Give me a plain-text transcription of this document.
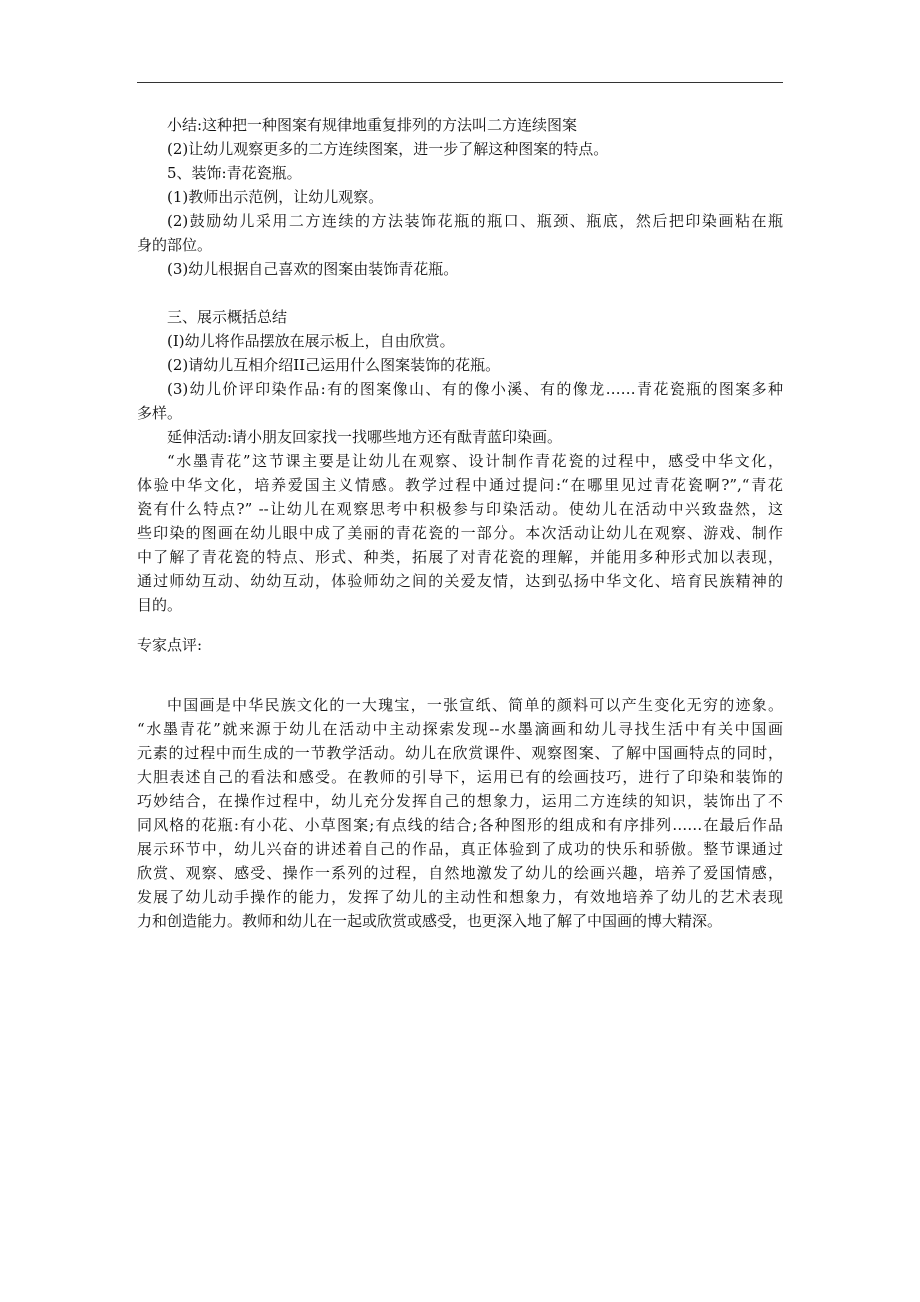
小结:这种把一种图案有规律地重复排列的方法叫二方连续图案
(2)让幼儿观察更多的二方连续图案，进一步了解这种图案的特点。
5、装饰:青花瓷瓶。
(1)教师出示范例，让幼儿观察。
(2)鼓励幼儿采用二方连续的方法装饰花瓶的瓶口、瓶颈、瓶底，然后把印染画粘在瓶
身的部位。
(3)幼儿根据自己喜欢的图案由装饰青花瓶。
三、展示概括总结
(I)幼儿将作品摆放在展示板上，自由欣赏。
(2)请幼儿互相介绍II己运用什么图案装饰的花瓶。
(3)幼儿价评印染作品:有的图案像山、有的像小溪、有的像龙……青花瓷瓶的图案多种
多样。
延伸活动:请小朋友回家找一找哪些地方还有酞青蓝印染画。
“水墨青花”这节课主要是让幼儿在观察、设计制作青花瓷的过程中，感受中华文化，
体验中华文化，培养爱国主义情感。教学过程中通过提问:“在哪里见过青花瓷啊?”,“青花
瓷有什么特点?” --让幼儿在观察思考中积极参与印染活动。使幼儿在活动中兴致盎然，这
些印染的图画在幼儿眼中成了美丽的青花瓷的一部分。本次活动让幼儿在观察、游戏、制作
中了解了青花瓷的特点、形式、种类，拓展了对青花瓷的理解，并能用多种形式加以表现，
通过师幼互动、幼幼互动，体验师幼之间的关爱友情，达到弘扬中华文化、培育民族精神的
目的。
专家点评:
中国画是中华民族文化的一大瑰宝，一张宣纸、简单的颜料可以产生变化无穷的迹象。
“水墨青花”就来源于幼儿在活动中主动探索发现--水墨滴画和幼儿寻找生活中有关中国画
元素的过程中而生成的一节教学活动。幼儿在欣赏课件、观察图案、了解中国画特点的同时，
大胆表述自己的看法和感受。在教师的引导下，运用已有的绘画技巧，进行了印染和装饰的
巧妙结合，在操作过程中，幼儿充分发挥自己的想象力，运用二方连续的知识，装饰出了不
同风格的花瓶:有小花、小草图案;有点线的结合;各种图形的组成和有序排列……在最后作品
展示环节中，幼儿兴奋的讲述着自己的作品，真正体验到了成功的快乐和骄傲。整节课通过
欣赏、观察、感受、操作一系列的过程，自然地激发了幼儿的绘画兴趣，培养了爱国情感，
发展了幼儿动手操作的能力，发挥了幼儿的主动性和想象力，有效地培养了幼儿的艺术表现
力和创造能力。教师和幼儿在一起或欣赏或感受，也更深入地了解了中国画的博大精深。
